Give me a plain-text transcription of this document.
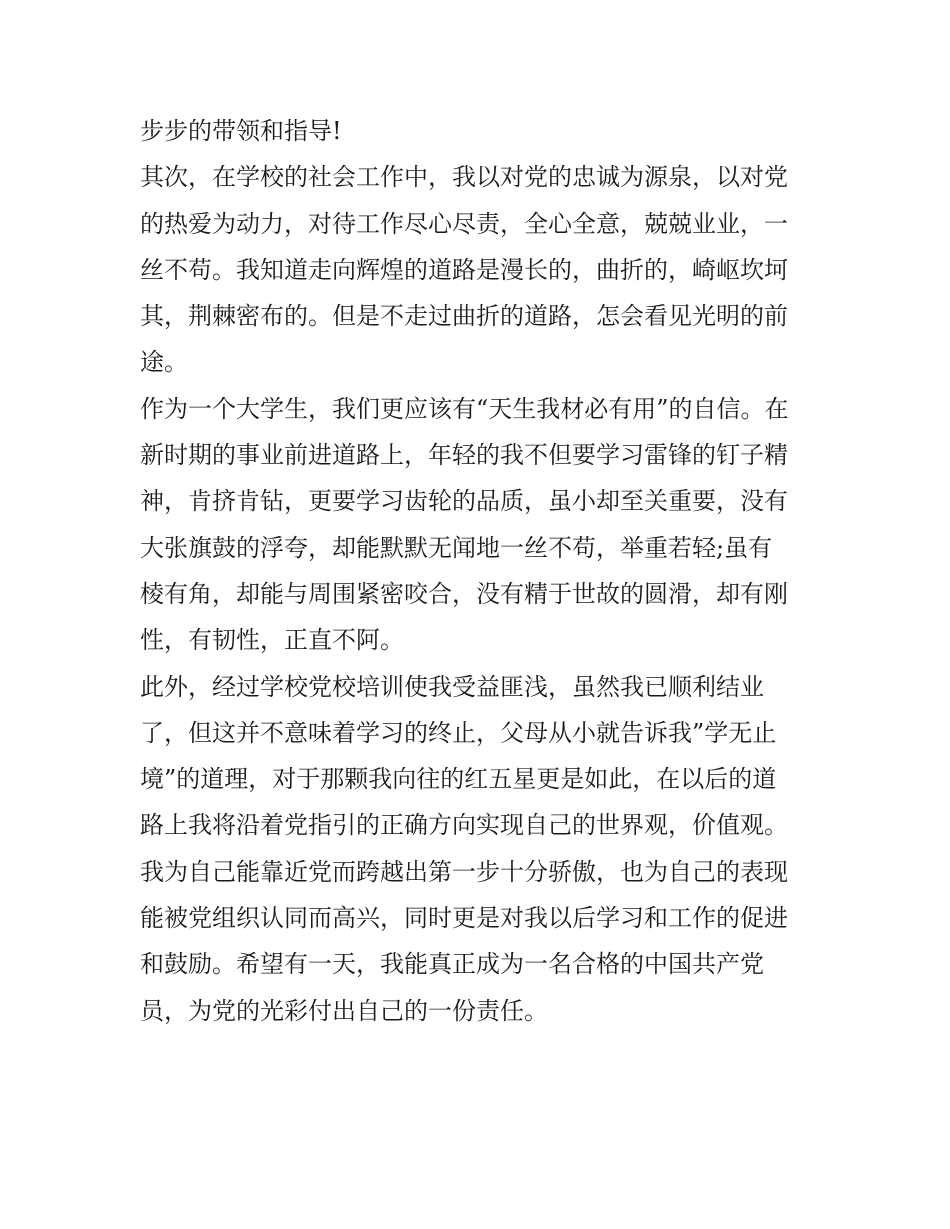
步步的带领和指导!
其次，在学校的社会工作中，我以对党的忠诚为源泉，以对党
的热爱为动力，对待工作尽心尽责，全心全意，兢兢业业，一
丝不苟。我知道走向辉煌的道路是漫长的，曲折的，崎岖坎坷
其，荆棘密布的。但是不走过曲折的道路，怎会看见光明的前
途。
作为一个大学生，我们更应该有“天生我材必有用”的自信。在
新时期的事业前进道路上，年轻的我不但要学习雷锋的钉子精
神，肯挤肯钻，更要学习齿轮的品质，虽小却至关重要，没有
大张旗鼓的浮夸，却能默默无闻地一丝不苟，举重若轻;虽有
棱有角，却能与周围紧密咬合，没有精于世故的圆滑，却有刚
性，有韧性，正直不阿。
此外，经过学校党校培训使我受益匪浅，虽然我已顺利结业
了，但这并不意味着学习的终止，父母从小就告诉我”学无止
境”的道理，对于那颗我向往的红五星更是如此，在以后的道
路上我将沿着党指引的正确方向实现自己的世界观，价值观。
我为自己能靠近党而跨越出第一步十分骄傲，也为自己的表现
能被党组织认同而高兴，同时更是对我以后学习和工作的促进
和鼓励。希望有一天，我能真正成为一名合格的中国共产党
员，为党的光彩付出自己的一份责任。
